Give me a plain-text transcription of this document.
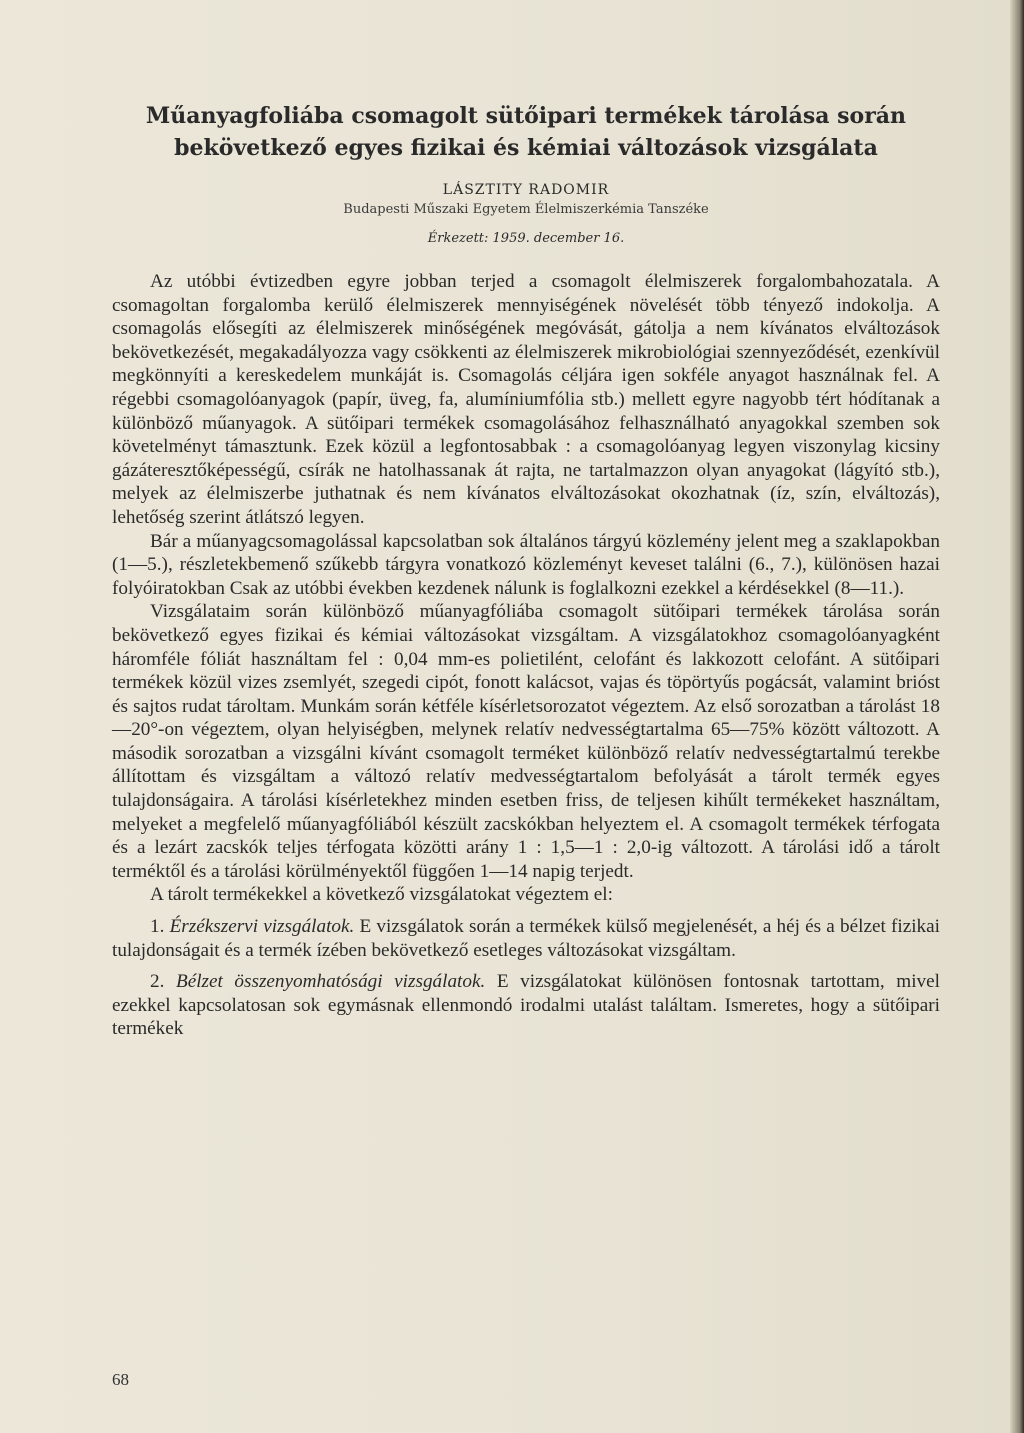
Műanyagfoliába csomagolt sütőipari termékek tárolása során
bekövetkező egyes fizikai és kémiai változások vizsgálata
LÁSZTITY RADOMIR
Budapesti Műszaki Egyetem Élelmiszerkémia Tanszéke
Érkezett: 1959. december 16.

Az utóbbi évtizedben egyre jobban terjed a csomagolt élelmiszerek forgalombahozatala. A csomagoltan forgalomba kerülő élelmiszerek mennyiségének növelését több tényező indokolja. A csomagolás elősegíti az élelmiszerek minőségének megóvását, gátolja a nem kívánatos elváltozások bekövetkezését, megakadályozza vagy csökkenti az élelmiszerek mikrobiológiai szennyeződését, ezenkívül megkönnyíti a kereskedelem munkáját is. Csomagolás céljára igen sokféle anyagot használnak fel. A régebbi csomagolóanyagok (papír, üveg, fa, alumíniumfólia stb.) mellett egyre nagyobb tért hódítanak a különböző műanyagok. A sütőipari termékek csomagolásához felhasználható anyagokkal szemben sok követelményt támasztunk. Ezek közül a legfontosabbak : a csomagolóanyag legyen viszonylag kicsiny gázáteresztőképességű, csírák ne hatolhassanak át rajta, ne tartalmazzon olyan anyagokat (lágyító stb.), melyek az élelmiszerbe juthatnak és nem kívánatos elváltozásokat okozhatnak (íz, szín, elváltozás), lehetőség szerint átlátszó legyen.

Bár a műanyagcsomagolással kapcsolatban sok általános tárgyú közlemény jelent meg a szaklapokban (1—5.), részletekbemenő szűkebb tárgyra vonatkozó közleményt keveset találni (6., 7.), különösen hazai folyóiratokban Csak az utóbbi években kezdenek nálunk is foglalkozni ezekkel a kérdésekkel (8—11.).

Vizsgálataim során különböző műanyagfóliába csomagolt sütőipari termékek tárolása során bekövetkező egyes fizikai és kémiai változásokat vizsgáltam. A vizsgálatokhoz csomagolóanyagként háromféle fóliát használtam fel : 0,04 mm-es polietilént, celofánt és lakkozott celofánt. A sütőipari termékek közül vizes zsemlyét, szegedi cipót, fonott kalácsot, vajas és töpörtyűs pogácsát, valamint brióst és sajtos rudat tároltam. Munkám során kétféle kísérletsorozatot végeztem. Az első sorozatban a tárolást 18—20°-on végeztem, olyan helyiségben, melynek relatív nedvességtartalma 65—75% között változott. A második sorozatban a vizsgálni kívánt csomagolt terméket különböző relatív nedvességtartalmú terekbe állítottam és vizsgáltam a változó relatív medvességtartalom befolyását a tárolt termék egyes tulajdonságaira. A tárolási kísérletekhez minden esetben friss, de teljesen kihűlt termékeket használtam, melyeket a megfelelő műanyagfóliából készült zacskókban helyeztem el. A csomagolt termékek térfogata és a lezárt zacskók teljes térfogata közötti arány 1 : 1,5—1 : 2,0-ig változott. A tárolási idő a tárolt terméktől és a tárolási körülményektől függően 1—14 napig terjedt.

A tárolt termékekkel a következő vizsgálatokat végeztem el:

1. Érzékszervi vizsgálatok. E vizsgálatok során a termékek külső megjelenését, a héj és a bélzet fizikai tulajdonságait és a termék ízében bekövetkező esetleges változásokat vizsgáltam.

2. Bélzet összenyomhatósági vizsgálatok. E vizsgálatokat különösen fontosnak tartottam, mivel ezekkel kapcsolatosan sok egymásnak ellenmondó irodalmi utalást találtam. Ismeretes, hogy a sütőipari termékek

68
